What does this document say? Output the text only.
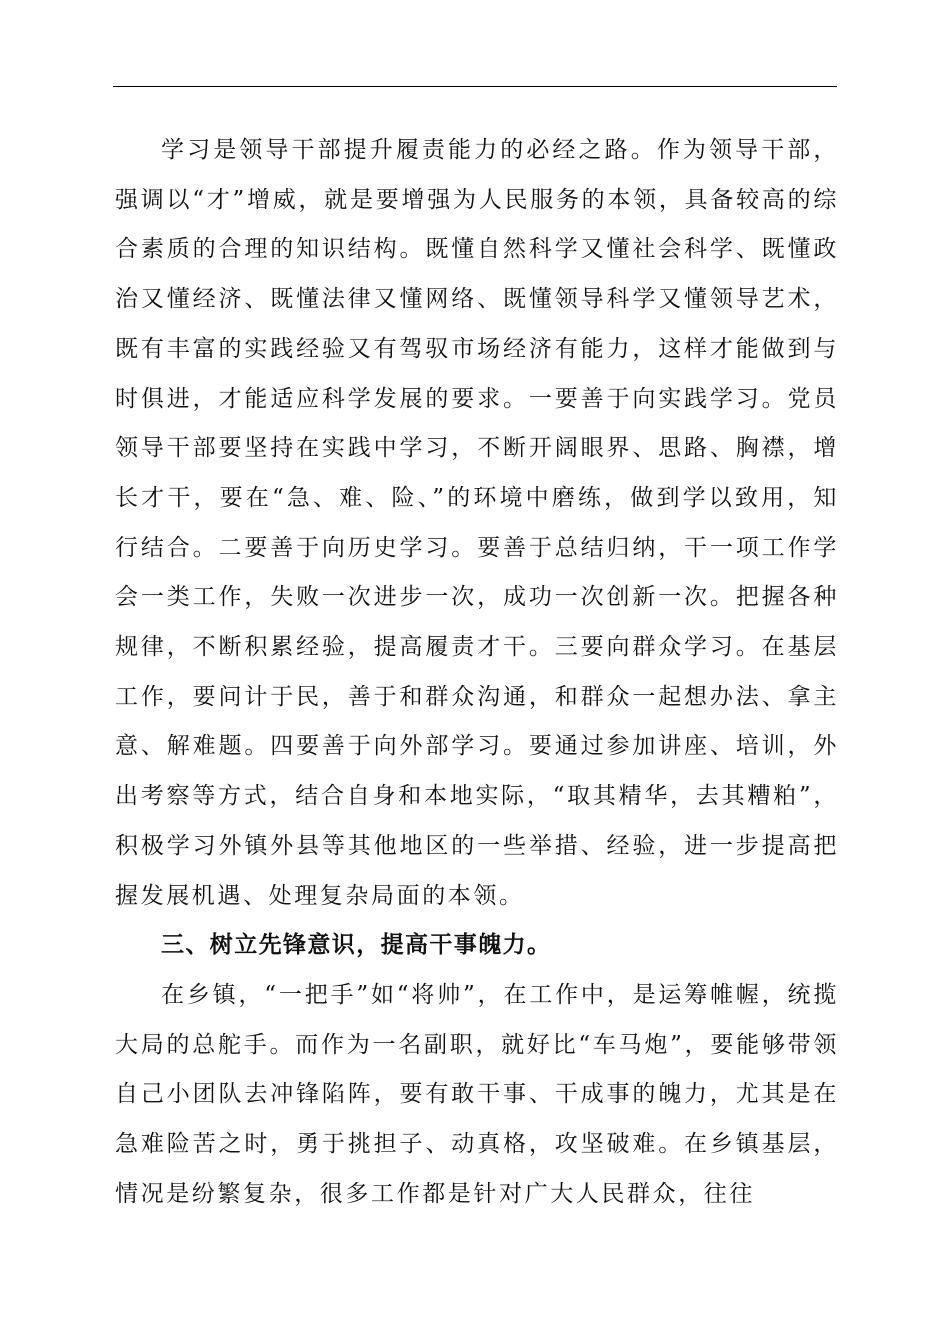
学习是领导干部提升履责能力的必经之路。作为领导干部，强调以“才”增威，就是要增强为人民服务的本领，具备较高的综合素质的合理的知识结构。既懂自然科学又懂社会科学、既懂政治又懂经济、既懂法律又懂网络、既懂领导科学又懂领导艺术，既有丰富的实践经验又有驾驭市场经济有能力，这样才能做到与时俱进，才能适应科学发展的要求。一要善于向实践学习。党员领导干部要坚持在实践中学习，不断开阔眼界、思路、胸襟，增长才干，要在“急、难、险、”的环境中磨练，做到学以致用，知行结合。二要善于向历史学习。要善于总结归纳，干一项工作学会一类工作，失败一次进步一次，成功一次创新一次。把握各种规律，不断积累经验，提高履责才干。三要向群众学习。在基层工作，要问计于民，善于和群众沟通，和群众一起想办法、拿主意、解难题。四要善于向外部学习。要通过参加讲座、培训，外出考察等方式，结合自身和本地实际，“取其精华，去其糟粕”，积极学习外镇外县等其他地区的一些举措、经验，进一步提高把握发展机遇、处理复杂局面的本领。

三、树立先锋意识，提高干事魄力。

在乡镇，“一把手”如“将帅”，在工作中，是运筹帷幄，统揽大局的总舵手。而作为一名副职，就好比“车马炮”，要能够带领自己小团队去冲锋陷阵，要有敢干事、干成事的魄力，尤其是在急难险苦之时，勇于挑担子、动真格，攻坚破难。在乡镇基层，情况是纷繁复杂，很多工作都是针对广大人民群众，往往
